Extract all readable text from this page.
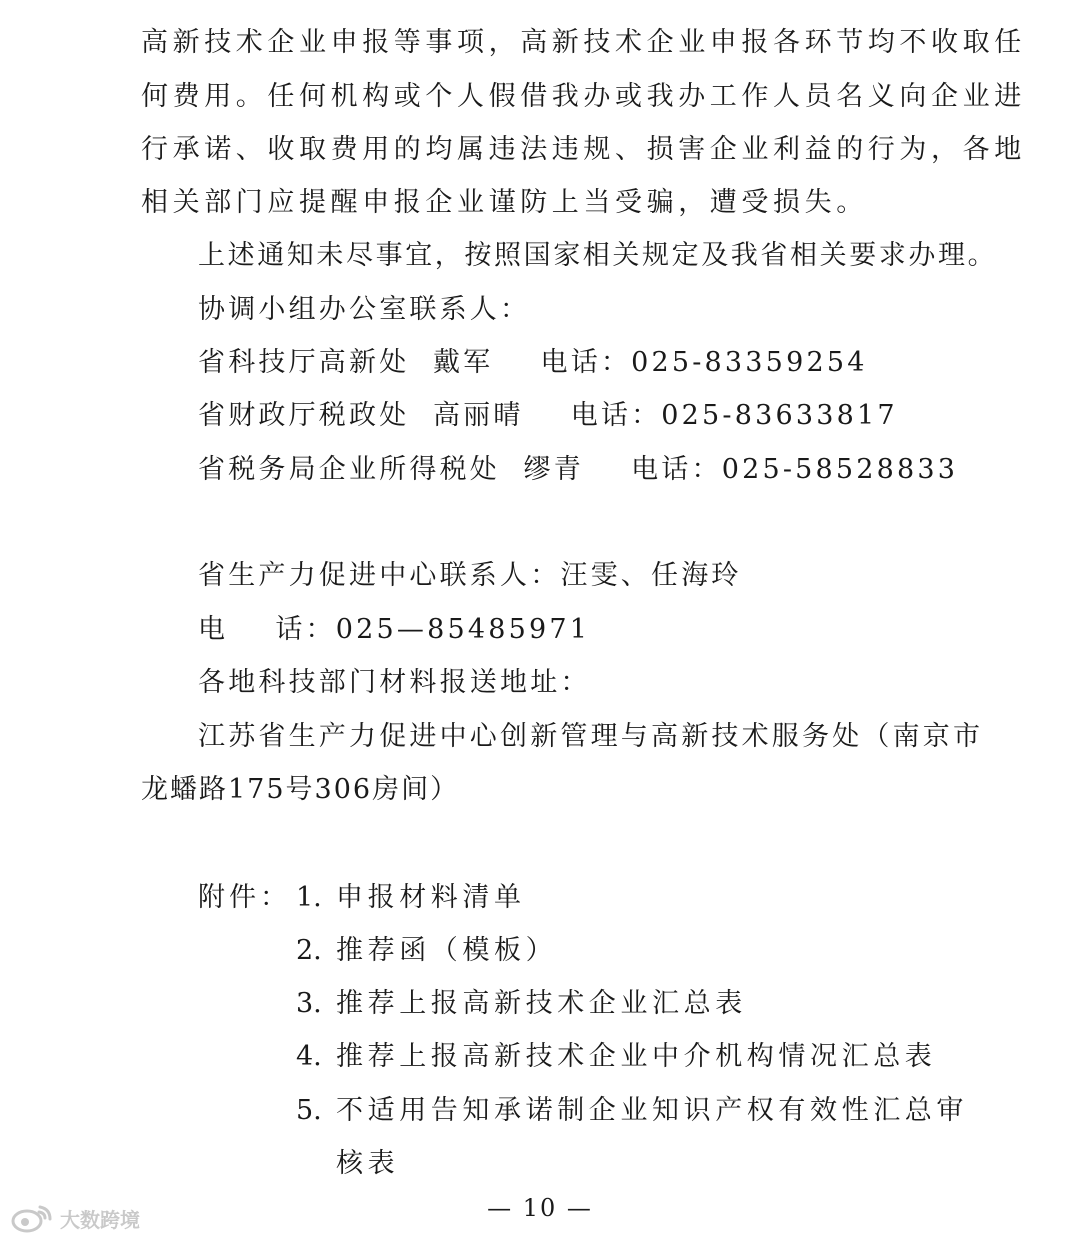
高新技术企业申报等事项，高新技术企业申报各环节均不收取任
何费用。任何机构或个人假借我办或我办工作人员名义向企业进
行承诺、收取费用的均属违法违规、损害企业利益的行为，各地
相关部门应提醒申报企业谨防上当受骗，遭受损失。
上述通知未尽事宜，按照国家相关规定及我省相关要求办理。
协调小组办公室联系人：
省科技厅高新处  戴军    电话：025-83359254
省财政厅税政处  高丽晴    电话：025-83633817
省税务局企业所得税处  缪青    电话：025-58528833
省生产力促进中心联系人：汪雯、任海玲
电    话：025—85485971
各地科技部门材料报送地址：
江苏省生产力促进中心创新管理与高新技术服务处（南京市
龙蟠路175号306房间）
附件： 1. 申报材料清单
2. 推荐函（模板）
3. 推荐上报高新技术企业汇总表
4. 推荐上报高新技术企业中介机构情况汇总表
5. 不适用告知承诺制企业知识产权有效性汇总审
核表
— 10 —
大数跨境
